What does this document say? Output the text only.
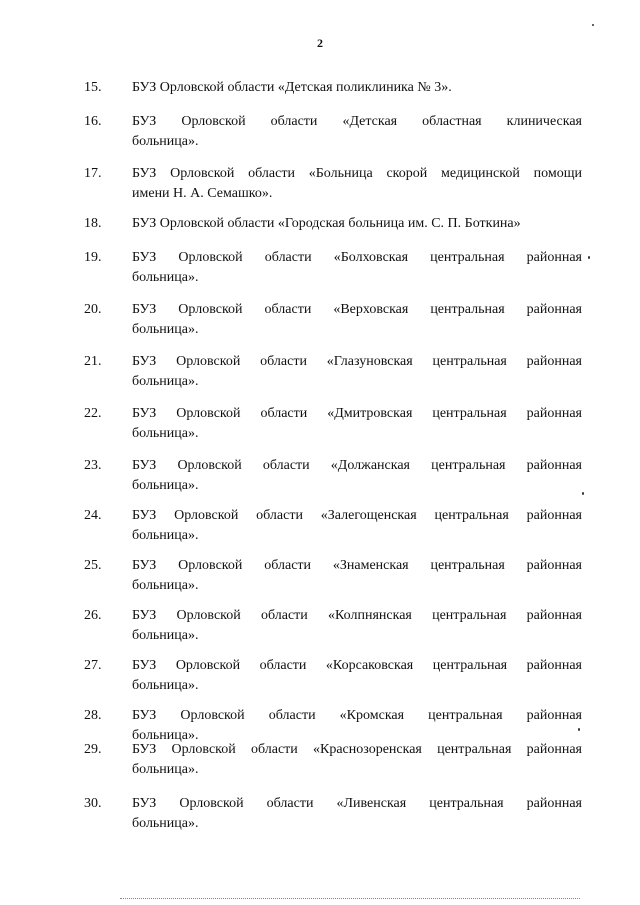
2
15.	БУЗ Орловской области «Детская поликлиника № 3».
16.	БУЗ Орловской области «Детская областная клиническая
больница».
17.	БУЗ Орловской области «Больница скорой медицинской помощи
имени Н. А. Семашко».
18.	БУЗ Орловской области «Городская больница им. С. П. Боткина»
19.	БУЗ Орловской области «Болховская центральная районная
больница».
20.	БУЗ Орловской области «Верховская центральная районная
больница».
21.	БУЗ Орловской области «Глазуновская центральная районная
больница».
22.	БУЗ Орловской области «Дмитровская центральная районная
больница».
23.	БУЗ Орловской области «Должанская центральная районная
больница».
24.	БУЗ Орловской области «Залегощенская центральная районная
больница».
25.	БУЗ Орловской области «Знаменская центральная районная
больница».
26.	БУЗ Орловской области «Колпнянская центральная районная
больница».
27.	БУЗ Орловской области «Корсаковская центральная районная
больница».
28.	БУЗ Орловской области «Кромская центральная районная
больница».
29.	БУЗ Орловской области «Краснозоренская центральная районная
больница».
30.	БУЗ Орловской области «Ливенская центральная районная
больница».
